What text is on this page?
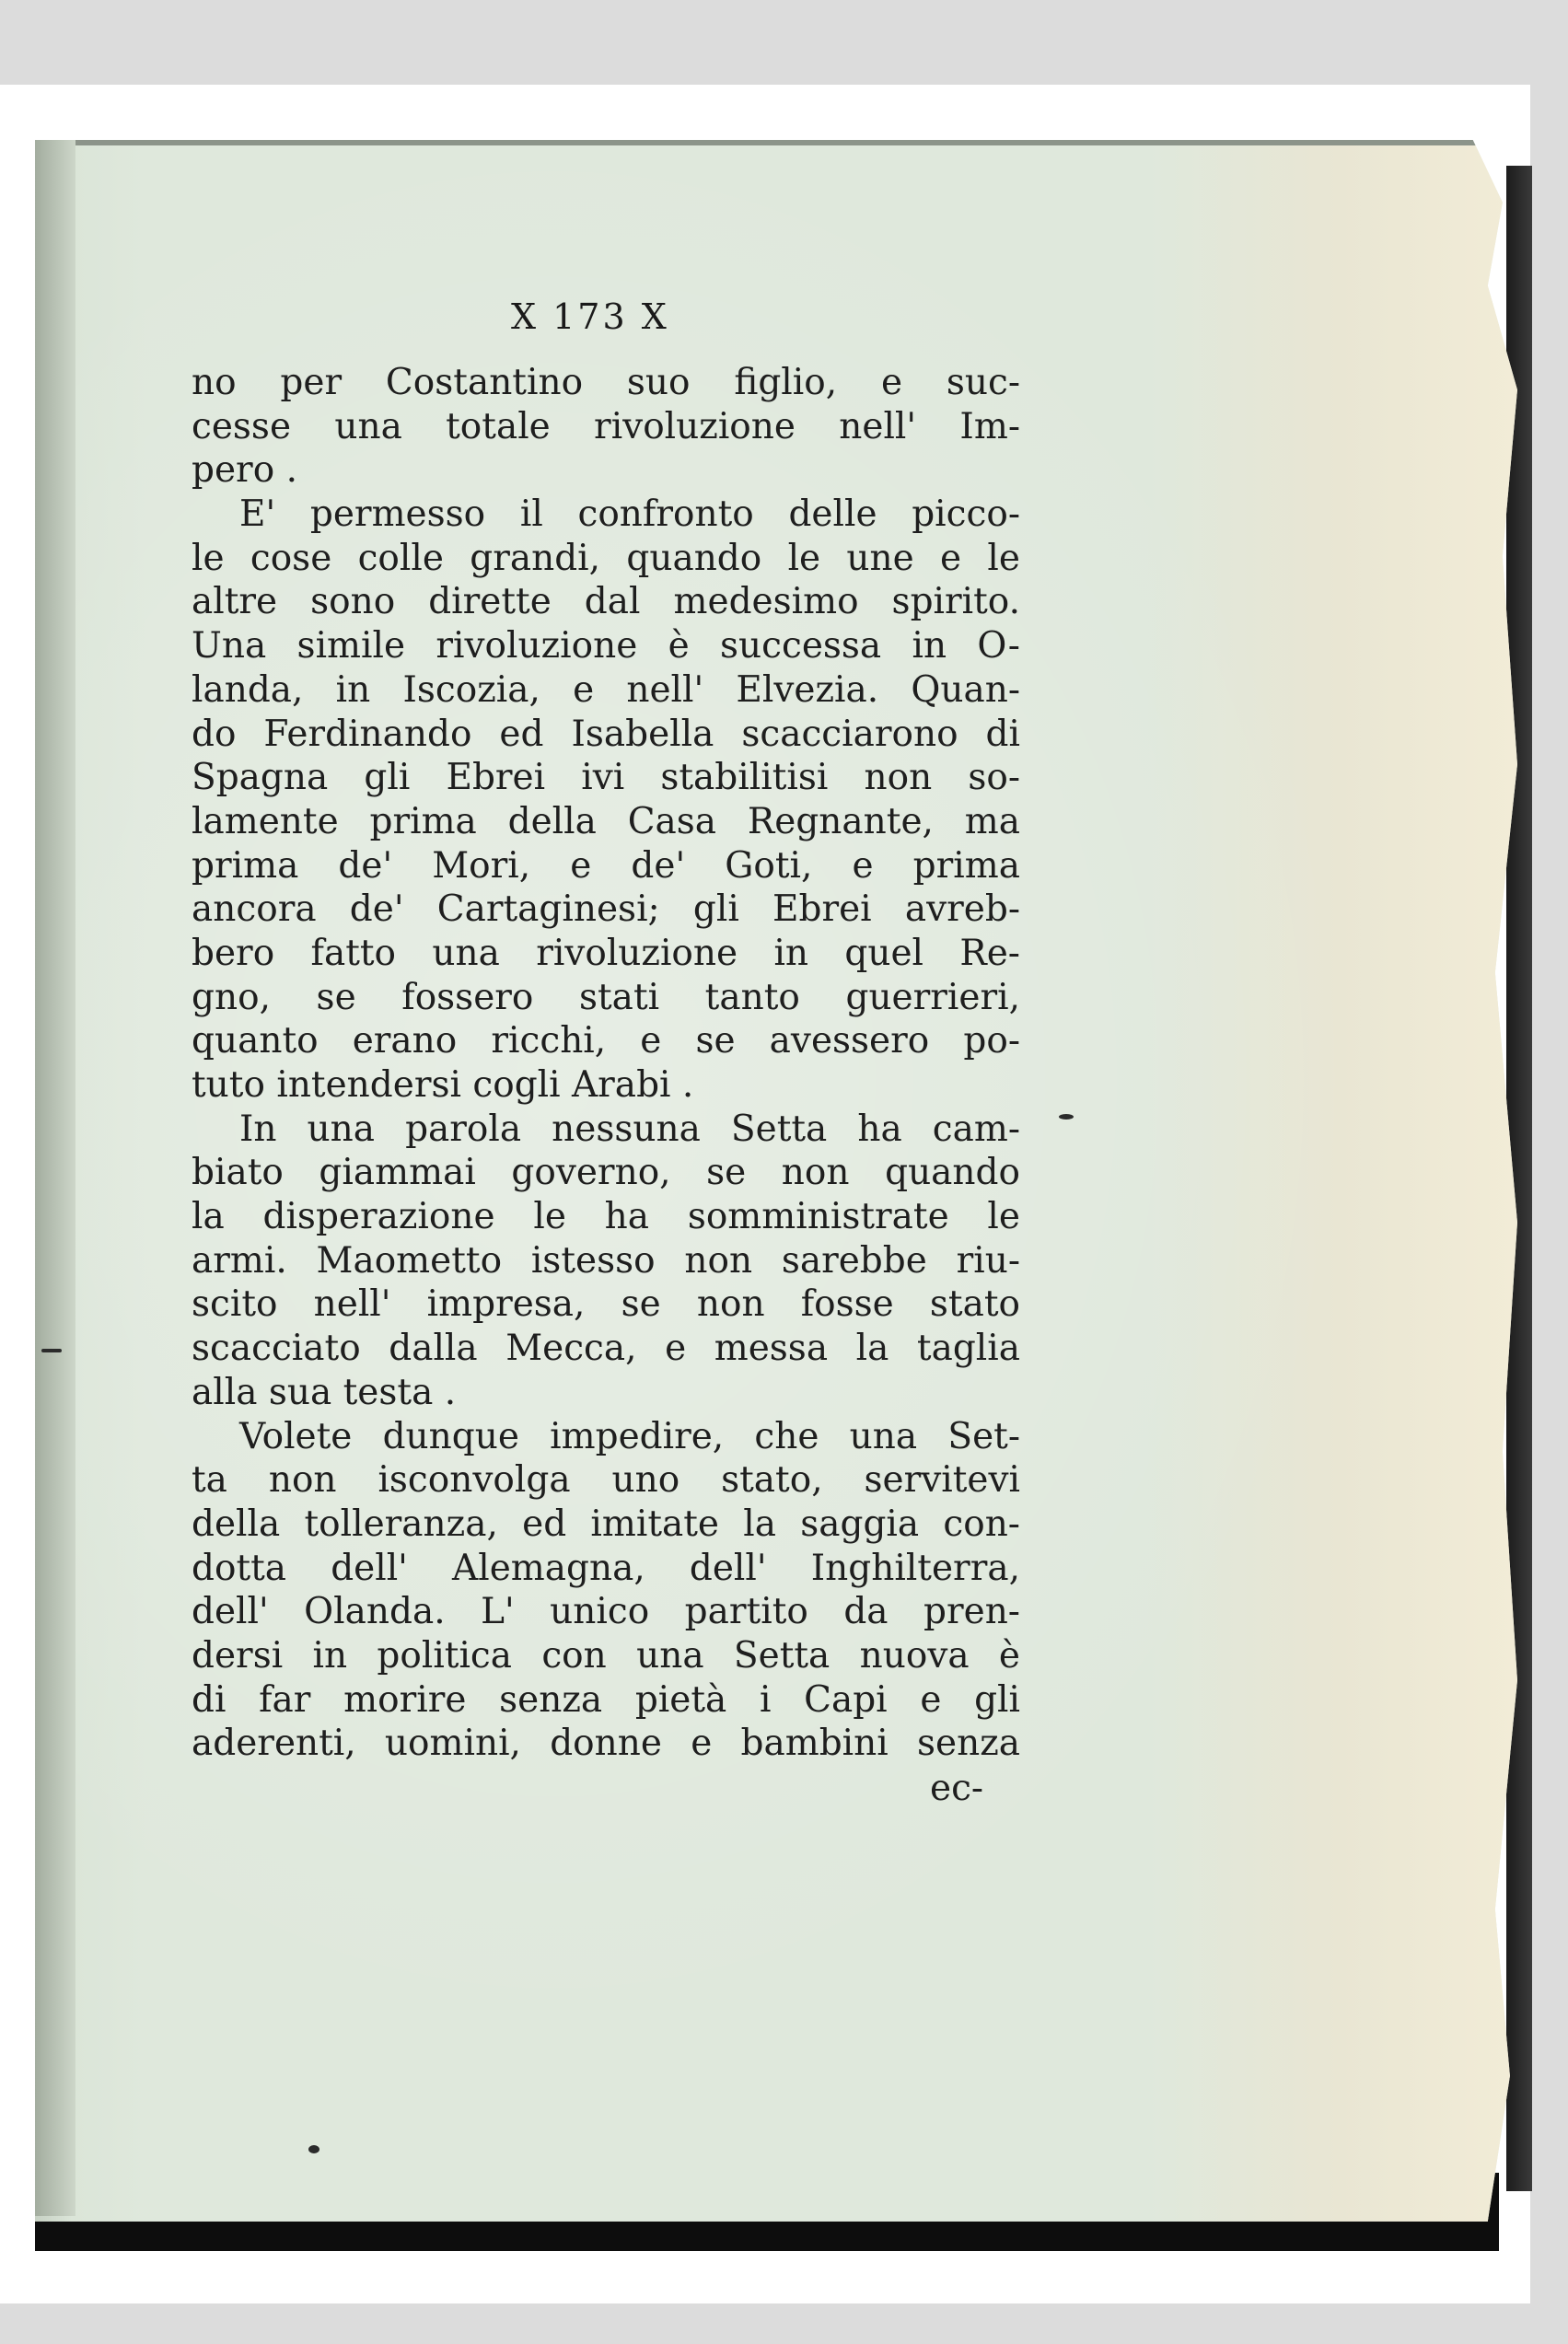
X 173 X
no per Costantino suo figlio, e suc-
cesse una totale rivoluzione nell' Im-
pero .
E' permesso il confronto delle picco-
le cose colle grandi, quando le une e le
altre sono dirette dal medesimo spirito.
Una simile rivoluzione è successa in O-
landa, in Iscozia, e nell' Elvezia. Quan-
do Ferdinando ed Isabella scacciarono di
Spagna gli Ebrei ivi stabilitisi non so-
lamente prima della Casa Regnante, ma
prima de' Mori, e de' Goti, e prima
ancora de' Cartaginesi; gli Ebrei avreb-
bero fatto una rivoluzione in quel Re-
gno, se fossero stati tanto guerrieri,
quanto erano ricchi, e se avessero po-
tuto intendersi cogli Arabi .
In una parola nessuna Setta ha cam-
biato giammai governo, se non quando
la disperazione le ha somministrate le
armi. Maometto istesso non sarebbe riu-
scito nell' impresa, se non fosse stato
scacciato dalla Mecca, e messa la taglia
alla sua testa .
Volete dunque impedire, che una Set-
ta non isconvolga uno stato, servitevi
della tolleranza, ed imitate la saggia con-
dotta dell' Alemagna, dell' Inghilterra,
dell' Olanda. L' unico partito da pren-
dersi in politica con una Setta nuova è
di far morire senza pietà i Capi e gli
aderenti, uomini, donne e bambini senza
ec-
